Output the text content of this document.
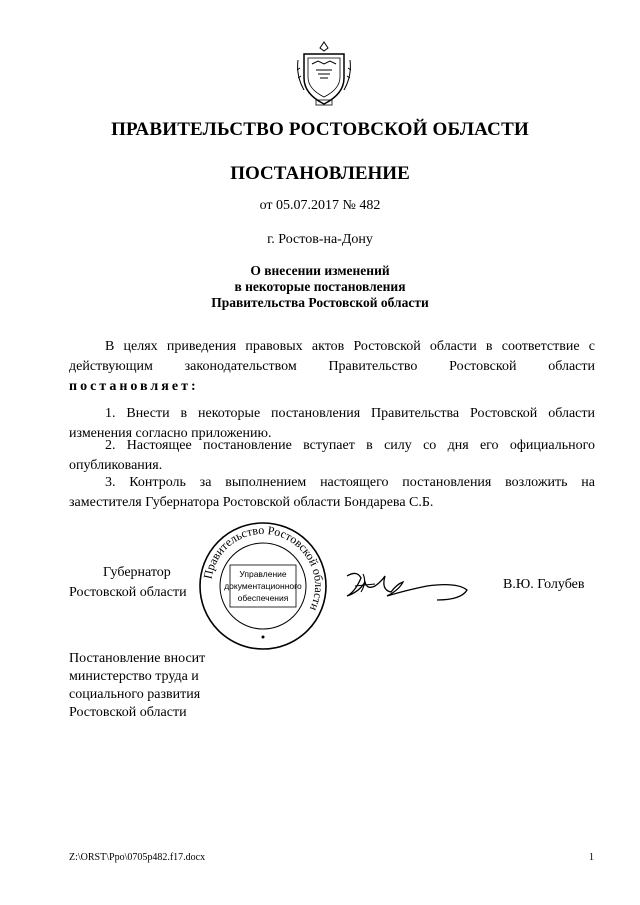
ПРАВИТЕЛЬСТВО РОСТОВСКОЙ ОБЛАСТИ
ПОСТАНОВЛЕНИЕ
от 05.07.2017 № 482
г. Ростов-на-Дону
О внесении изменений
в некоторые постановления
Правительства Ростовской области
В целях приведения правовых актов Ростовской области в соответствие с действующим законодательством Правительство Ростовской области постановляет:
1. Внести в некоторые постановления Правительства Ростовской области изменения согласно приложению.
2. Настоящее постановление вступает в силу со дня его официального опубликования.
3. Контроль за выполнением настоящего постановления возложить на заместителя Губернатора Ростовской области Бондарева С.Б.
Губернатор
Ростовской области
Правительство Ростовской области
Управление
документационного
обеспечения
В.Ю. Голубев
Постановление вносит
министерство труда и
социального развития
Ростовской области
Z:\ORST\Ppo\0705p482.f17.docx	1
